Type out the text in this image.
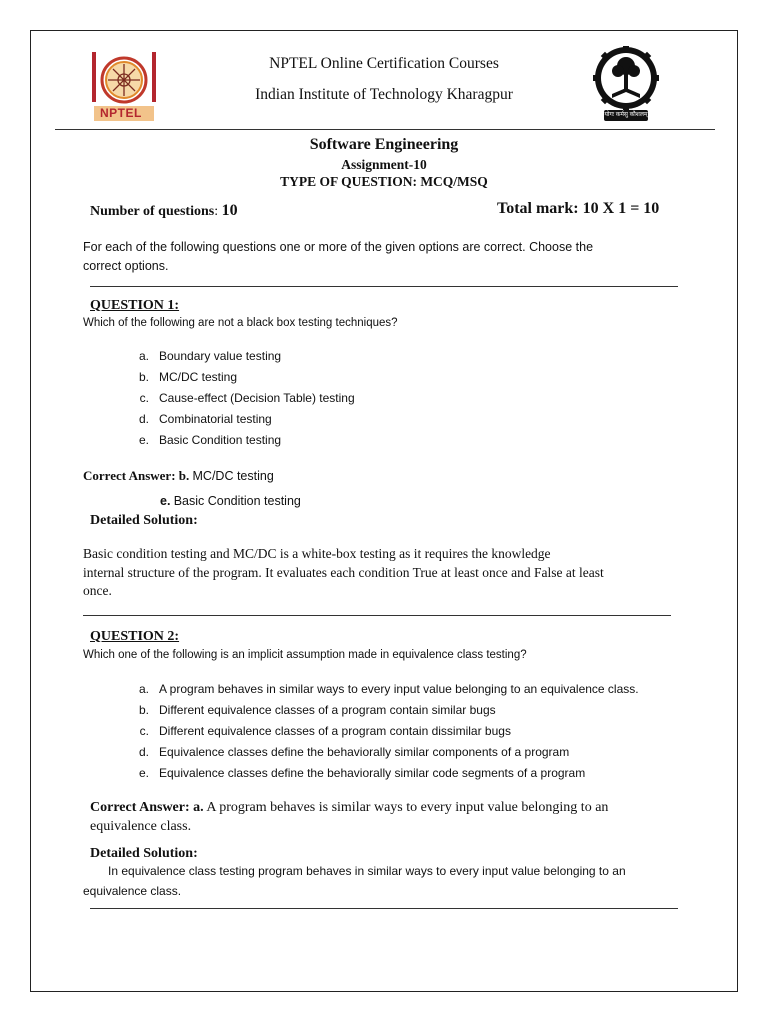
NPTEL
NPTEL Online Certification Courses
Indian Institute of Technology Kharagpur
योगः कर्मसु कौशलम्
Software Engineering
Assignment-10
TYPE OF QUESTION: MCQ/MSQ
Number of questions: 10	Total mark: 10 X 1 = 10
For each of the following questions one or more of the given options are correct. Choose the
correct options.
QUESTION 1:
Which of the following are not a black box testing techniques?
a. Boundary value testing
b. MC/DC testing
c. Cause-effect (Decision Table) testing
d. Combinatorial testing
e. Basic Condition testing
Correct Answer: b. MC/DC testing
e. Basic Condition testing
Detailed Solution:
Basic condition testing and MC/DC is a white-box testing as it requires the knowledge
internal structure of the program. It evaluates each condition True at least once and False at least
once.
QUESTION 2:
Which one of the following is an implicit assumption made in equivalence class testing?
a. A program behaves in similar ways to every input value belonging to an equivalence class.
b. Different equivalence classes of a program contain similar bugs
c. Different equivalence classes of a program contain dissimilar bugs
d. Equivalence classes define the behaviorally similar components of a program
e. Equivalence classes define the behaviorally similar code segments of a program
Correct Answer: a. A program behaves is similar ways to every input value belonging to an
equivalence class.
Detailed Solution:
In equivalence class testing program behaves in similar ways to every input value belonging to an
equivalence class.
